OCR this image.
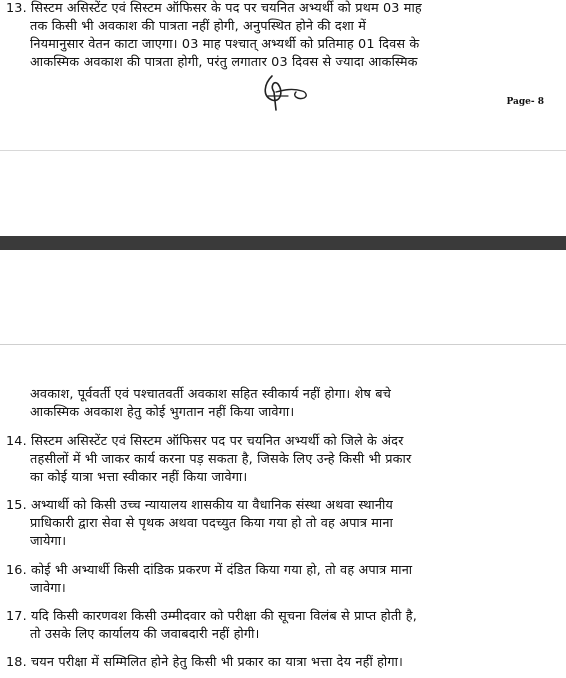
13. सिस्टम असिस्टेंट एवं सिस्टम ऑफिसर के पद पर चयनित अभ्यर्थी को प्रथम 03 माह
तक किसी भी अवकाश की पात्रता नहीं होगी, अनुपस्थित होने की दशा में
नियमानुसार वेतन काटा जाएगा। 03 माह पश्चात् अभ्यर्थी को प्रतिमाह 01 दिवस के
आकस्मिक अवकाश की पात्रता होगी, परंतु लगातार 03 दिवस से ज्यादा आकस्मिक
Page- 8
अवकाश, पूर्ववर्ती एवं पश्चातवर्ती अवकाश सहित स्वीकार्य नहीं होगा। शेष बचे
आकस्मिक अवकाश हेतु कोई भुगतान नहीं किया जावेगा।
14. सिस्टम असिस्टेंट एवं सिस्टम ऑफिसर पद पर चयनित अभ्यर्थी को जिले के अंदर
तहसीलों में भी जाकर कार्य करना पड़ सकता है, जिसके लिए उन्हे किसी भी प्रकार
का कोई यात्रा भत्ता स्वीकार नहीं किया जावेगा।
15. अभ्यार्थी को किसी उच्च न्यायालय शासकीय या वैधानिक संस्था अथवा स्थानीय
प्राधिकारी द्वारा सेवा से पृथक अथवा पदच्युत किया गया हो तो वह अपात्र माना
जायेगा।
16. कोई भी अभ्यार्थी किसी दांडिक प्रकरण में दंडित किया गया हो, तो वह अपात्र माना
जावेगा।
17. यदि किसी कारणवश किसी उम्मीदवार को परीक्षा की सूचना विलंब से प्राप्त होती है,
तो उसके लिए कार्यालय की जवाबदारी नहीं होगी।
18. चयन परीक्षा में सम्मिलित होने हेतु किसी भी प्रकार का यात्रा भत्ता देय नहीं होगा।
